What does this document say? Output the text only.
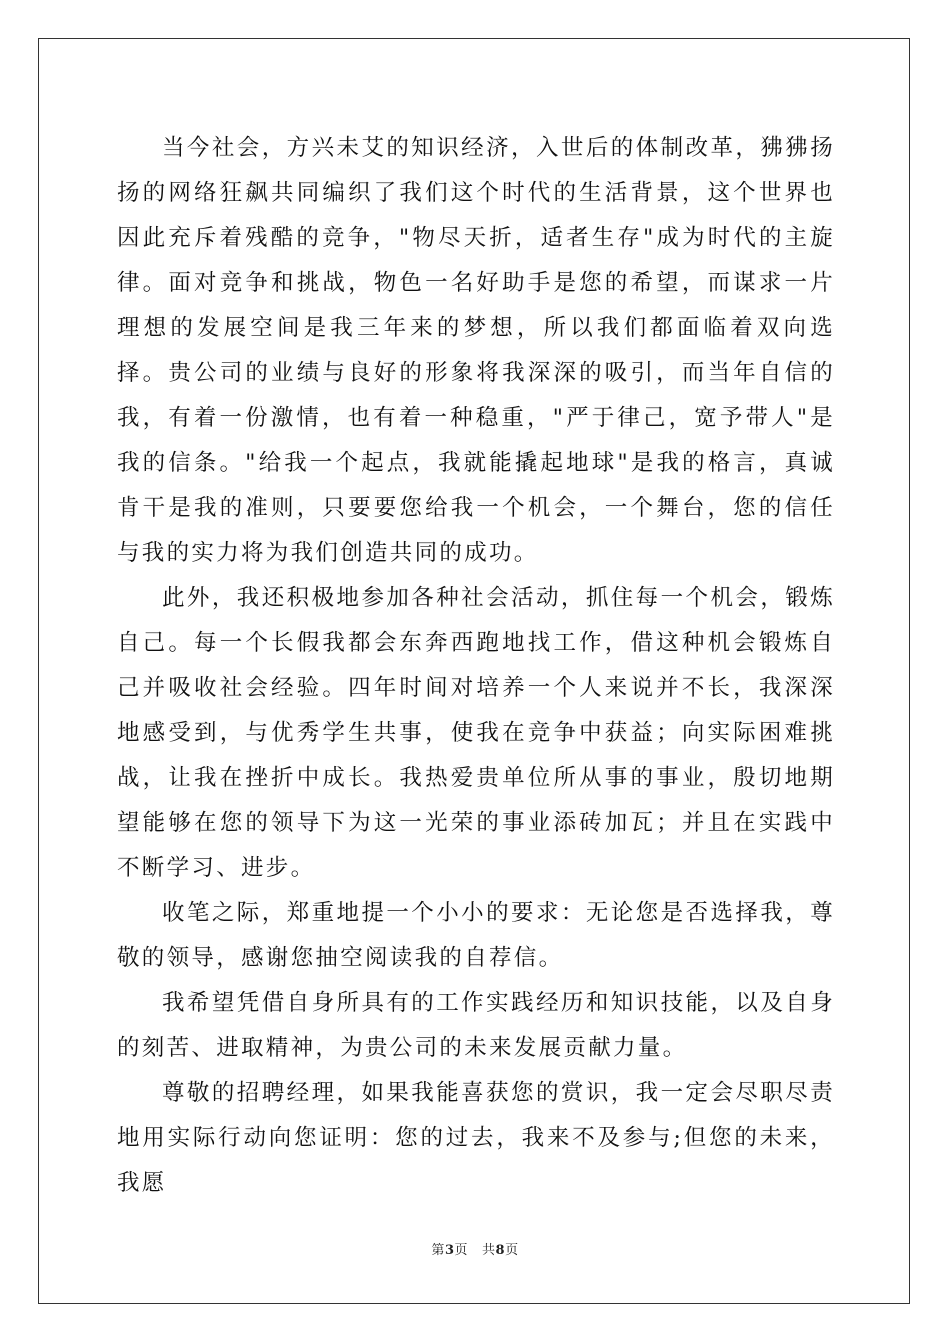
当今社会，方兴未艾的知识经济，入世后的体制改革，狒狒扬扬的网络狂飙共同编织了我们这个时代的生活背景，这个世界也因此充斥着残酷的竞争，"物尽天折，适者生存"成为时代的主旋律。面对竞争和挑战，物色一名好助手是您的希望，而谋求一片理想的发展空间是我三年来的梦想，所以我们都面临着双向选择。贵公司的业绩与良好的形象将我深深的吸引，而当年自信的我，有着一份激情，也有着一种稳重，"严于律己，宽予带人"是我的信条。"给我一个起点，我就能撬起地球"是我的格言，真诚肯干是我的准则，只要要您给我一个机会，一个舞台，您的信任与我的实力将为我们创造共同的成功。

此外，我还积极地参加各种社会活动，抓住每一个机会，锻炼自己。每一个长假我都会东奔西跑地找工作，借这种机会锻炼自己并吸收社会经验。四年时间对培养一个人来说并不长，我深深地感受到，与优秀学生共事，使我在竞争中获益；向实际困难挑战，让我在挫折中成长。我热爱贵单位所从事的事业，殷切地期望能够在您的领导下为这一光荣的事业添砖加瓦；并且在实践中不断学习、进步。

收笔之际，郑重地提一个小小的要求：无论您是否选择我，尊敬的领导，感谢您抽空阅读我的自荐信。

我希望凭借自身所具有的工作实践经历和知识技能，以及自身的刻苦、进取精神，为贵公司的未来发展贡献力量。

尊敬的招聘经理，如果我能喜获您的赏识，我一定会尽职尽责地用实际行动向您证明：您的过去，我来不及参与;但您的未来，我愿

第3页 共8页
